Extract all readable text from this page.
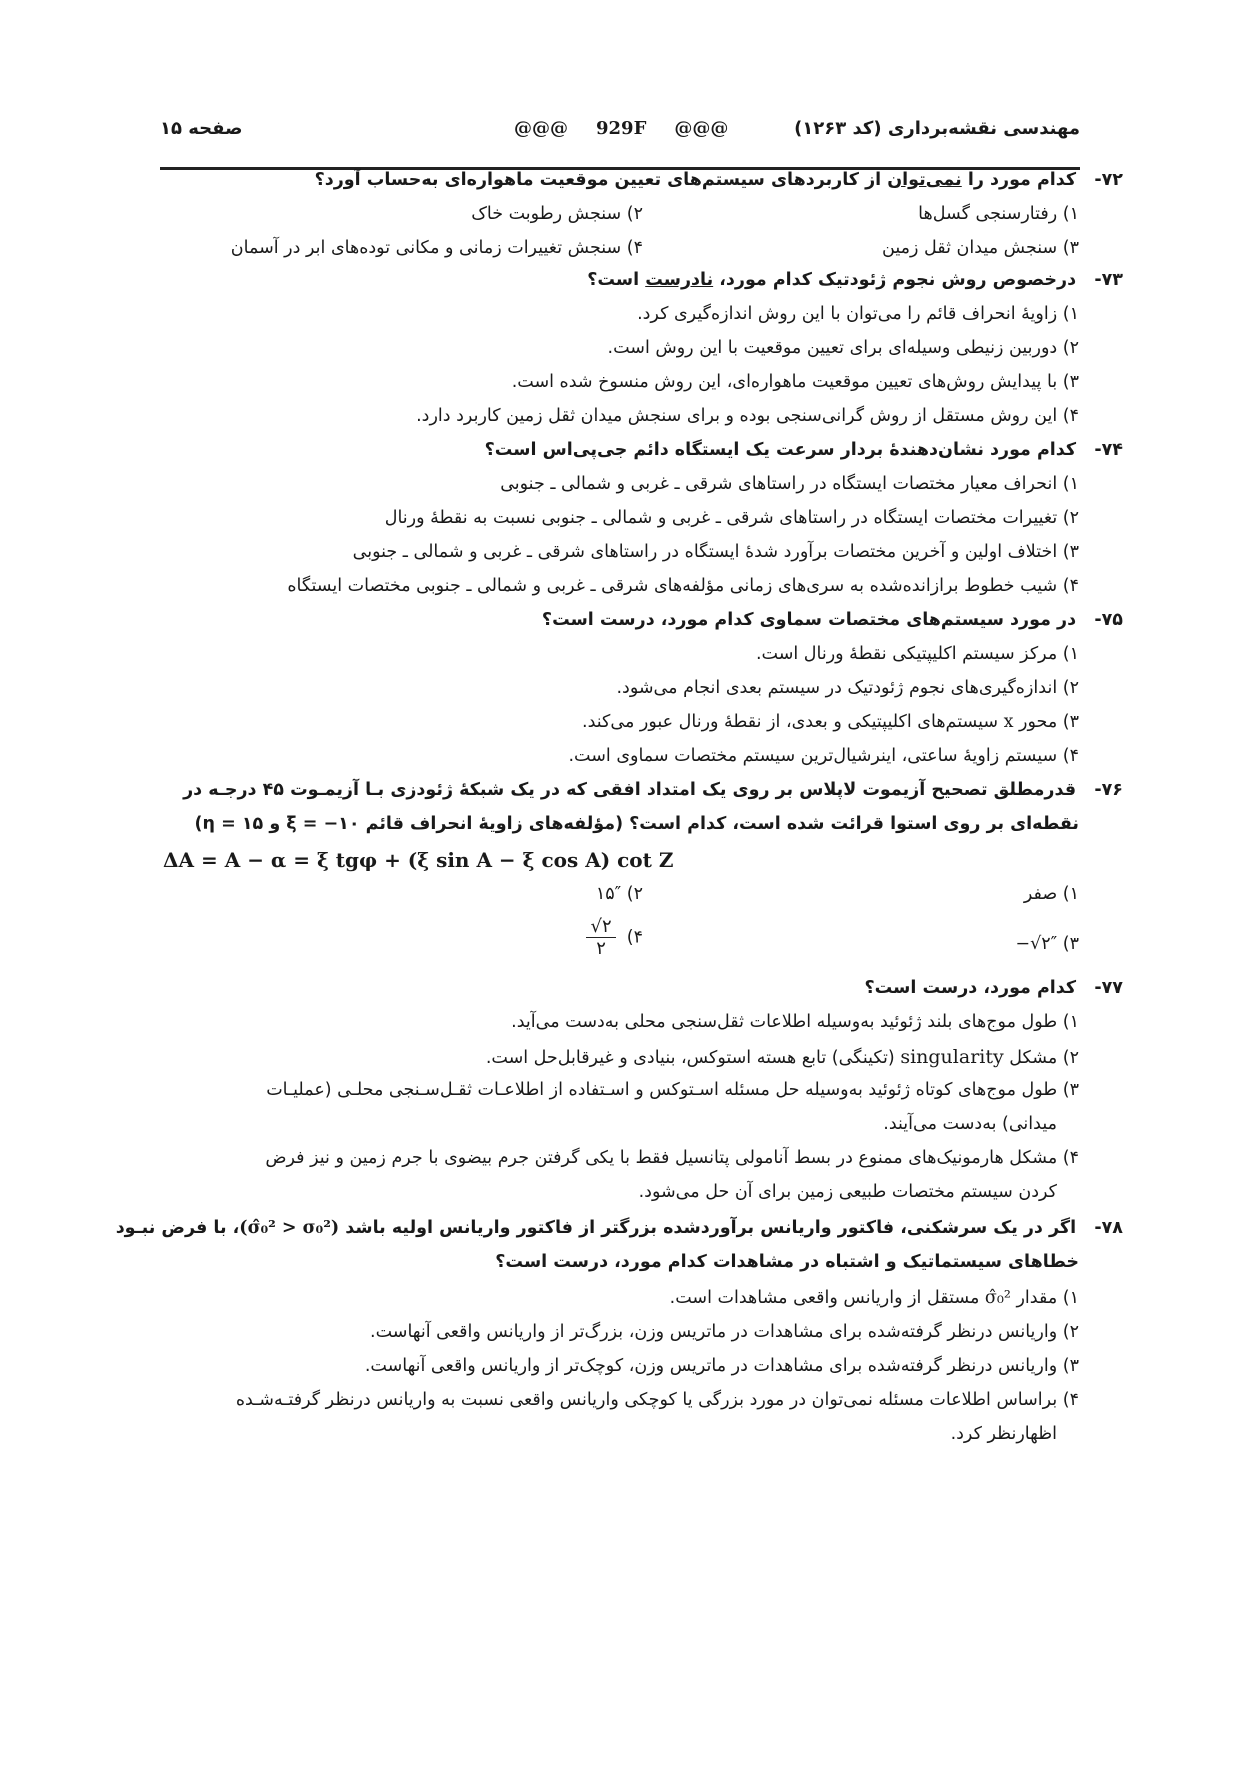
مهندسی نقشه‌برداری (کد ۱۲۶۳)
@@@ 929F @@@
صفحه ۱۵
۷۲-   کدام مورد را نمی‌توان از کاربردهای سیستم‌های تعیین موقعیت ماهواره‌ای به‌حساب آورد؟
۱) رفتارسنجی گسل‌ها
۲) سنجش رطوبت خاک
۳) سنجش میدان ثقل زمین
۴) سنجش تغییرات زمانی و مکانی توده‌های ابر در آسمان
۷۳-   درخصوص روش نجوم ژئودتیک کدام مورد، نادرست است؟
۱) زاویهٔ انحراف قائم را می‌توان با این روش اندازه‌گیری کرد.
۲) دوربین زنیطی وسیله‌ای برای تعیین موقعیت با این روش است.
۳) با پیدایش روش‌های تعیین موقعیت ماهواره‌ای، این روش منسوخ شده است.
۴) این روش مستقل از روش گرانی‌سنجی بوده و برای سنجش میدان ثقل زمین کاربرد دارد.
۷۴-   کدام مورد نشان‌دهندهٔ بردار سرعت یک ایستگاه دائم جی‌پی‌اس است؟
۱) انحراف معیار مختصات ایستگاه در راستاهای شرقی ـ غربی و شمالی ـ جنوبی
۲) تغییرات مختصات ایستگاه در راستاهای شرقی ـ غربی و شمالی ـ جنوبی نسبت به نقطهٔ ورنال
۳) اختلاف اولین و آخرین مختصات برآورد شدهٔ ایستگاه در راستاهای شرقی ـ غربی و شمالی ـ جنوبی
۴) شیب خطوط برازانده‌شده به سری‌های زمانی مؤلفه‌های شرقی ـ غربی و شمالی ـ جنوبی مختصات ایستگاه
۷۵-   در مورد سیستم‌های مختصات سماوی کدام مورد، درست است؟
۱) مرکز سیستم اکلیپتیکی نقطهٔ ورنال است.
۲) اندازه‌گیری‌های نجوم ژئودتیک در سیستم بعدی انجام می‌شود.
۳) محور x سیستم‌های اکلیپتیکی و بعدی، از نقطهٔ ورنال عبور می‌کند.
۴) سیستم زاویهٔ ساعتی، اینرشیال‌ترین سیستم مختصات سماوی است.
۷۶-   قدرمطلق تصحیح آزیموت لاپلاس بر روی یک امتداد افقی که در یک شبکهٔ ژئودزی بـا آزیمـوت ۴۵ درجـه در
نقطه‌ای بر روی استوا قرائت شده است، کدام است؟ (مؤلفه‌های زاویهٔ انحراف قائم (η = ۱۵ و ξ = −۱۰
ΔA = A − α = ξ tgφ + (ξ sin A − ξ cos A) cot Z
۱) صفر
۲) ۱۵″
۳) −√۲″
۴)
$\frac{√۲}{۲}$
۷۷-   کدام مورد، درست است؟
۱) طول موج‌های بلند ژئوئید به‌وسیله اطلاعات ثقل‌سنجی محلی به‌دست می‌آید.
۲) مشکل singularity (تکینگی) تابع هسته استوکس، بنیادی و غیرقابل‌حل است.
۳) طول موج‌های کوتاه ژئوئید به‌وسیله حل مسئله اسـتوکس و اسـتفاده از اطلاعـات ثقـل‌سـنجی محلـی (عملیـات
میدانی) به‌دست می‌آیند.
۴) مشکل هارمونیک‌های ممنوع در بسط آنامولی پتانسیل فقط با یکی گرفتن جرم بیضوی با جرم زمین و نیز فرض
کردن سیستم مختصات طبیعی زمین برای آن حل می‌شود.
۷۸-   اگر در یک سرشکنی، فاکتور واریانس برآوردشده بزرگتر از فاکتور واریانس اولیه باشد (σ̂₀² > σ₀²)، با فرض نبـود
خطاهای سیستماتیک و اشتباه در مشاهدات کدام مورد، درست است؟
۱) مقدار σ̂₀² مستقل از واریانس واقعی مشاهدات است.
۲) واریانس درنظر گرفته‌شده برای مشاهدات در ماتریس وزن، بزرگ‌تر از واریانس واقعی آنهاست.
۳) واریانس درنظر گرفته‌شده برای مشاهدات در ماتریس وزن، کوچک‌تر از واریانس واقعی آنهاست.
۴) براساس اطلاعات مسئله نمی‌توان در مورد بزرگی یا کوچکی واریانس واقعی نسبت به واریانس درنظر گرفتـه‌شـده
اظهارنظر کرد.
